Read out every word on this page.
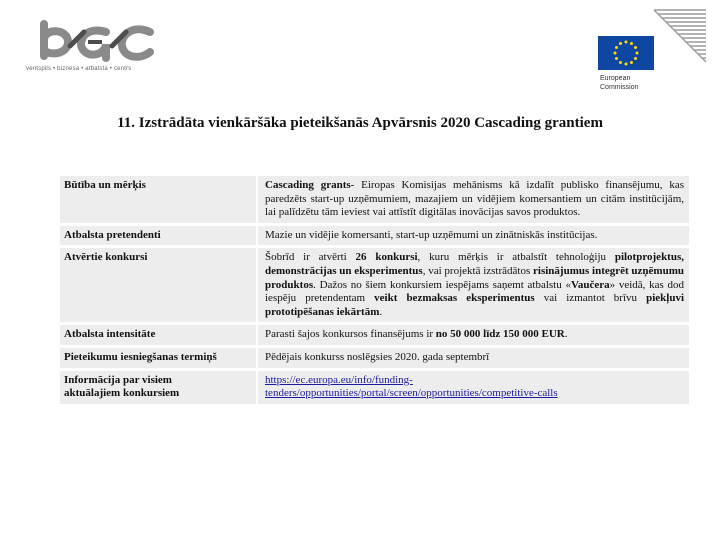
ventspils • biznesa • atbalsta • centrs
European
Commission
11. Izstrādāta vienkāršāka pieteikšanās Apvārsnis 2020 Cascading grantiem
Būtība un mērķis	Cascading grants- Eiropas Komisijas mehānisms kā izdalīt publisko finansējumu, kas paredzēts start-up uzņēmumiem, mazajiem un vidējiem komersantiem un citām institūcijām, lai palīdzētu tām ieviest vai attīstīt digitālas inovācijas savos produktos.
Atbalsta pretendenti	Mazie un vidējie komersanti, start-up uzņēmumi un zinātniskās institūcijas.
Atvērtie konkursi	Šobrīd ir atvērti 26 konkursi, kuru mērķis ir atbalstīt tehnoloģiju pilotprojektus, demonstrācijas un eksperimentus, vai projektā izstrādātos risinājumus integrēt uzņēmumu produktos. Dažos no šiem konkursiem iespējams saņemt atbalstu «Vaučera» veidā, kas dod iespēju pretendentam veikt bezmaksas eksperimentus vai izmantot brīvu piekļuvi prototipēšanas iekārtām.
Atbalsta intensitāte	Parasti šajos konkursos finansējums ir no 50 000 līdz 150 000 EUR.
Pieteikumu iesniegšanas termiņš	Pēdējais konkurss noslēgsies 2020. gada septembrī

Informācija par visiem
aktuālajiem konkursiem	https://ec.europa.eu/info/funding-
tenders/opportunities/portal/screen/opportunities/competitive-calls
